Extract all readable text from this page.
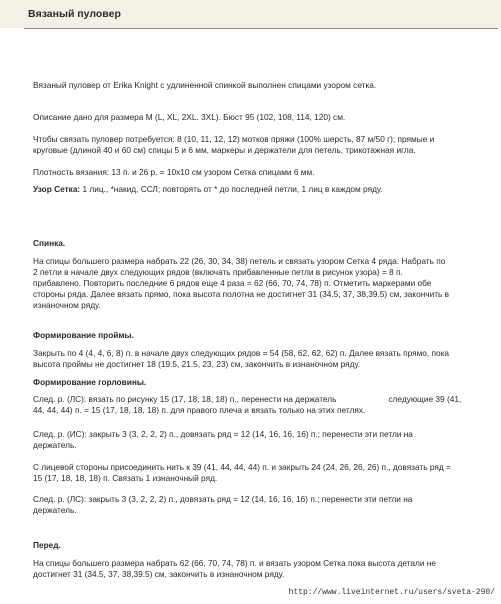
Вязаный пуловер

Вязаный пуловер от Erika Knight с удлиненной спинкой выполнен спицами узором сетка.

Описание дано для размера M (L, XL, 2XL. 3XL). Бюст 95 (102, 108, 114, 120) см.

Чтобы связать пуловер потребуется: 8 (10, 11, 12, 12) мотков пряжи (100% шерсть, 87 м/50 г); прямые и
круговые (длиной 40 и 60 см) спицы 5 и 6 мм, маркеры и держатели для петель, трикотажная игла.

Плотность вязания: 13 п. и 26 р. = 10х10 см узором Сетка спицами 6 мм.

Узор Сетка: 1 лиц., *накид, ССЛ; повторять от * до последней петли, 1 лиц в каждом ряду.

Спинка.

На спицы большего размера набрать 22 (26, 30, 34, 38) петель и связать узором Сетка 4 ряда. Набрать по
2 петли в начале двух следующих рядов (включать прибавленные петли в рисунок узора) = 8 п.
прибавлено. Повторить последние 6 рядов еще 4 раза = 62 (66, 70, 74, 78) п. Отметить маркерами обе
стороны ряда. Далее вязать прямо, пока высота полотна не достигнет 31 (34.5, 37, 38,39.5) см, закончить в
изнаночном ряду.

Формирование проймы.

Закрыть по 4 (4, 4, 6, 8) п. в начале двух следующих рядов = 54 (58, 62, 62, 62) п. Далее вязать прямо, пока
высота проймы не достигнет 18 (19.5, 21.5, 23, 23) см, закончить в изнаночном ряду.

Формирование горловины.

След. р. (ЛС): вязать по рисунку 15 (17, 18, 18, 18) п., перенести на держатель	следующие 39 (41,
44, 44, 44) п. = 15 (17, 18, 18, 18) п. для правого плеча и вязать только на этих петлях.

След. р. (ИС): закрыть 3 (3, 2, 2, 2) п., довязать ряд = 12 (14, 16, 16, 16) п.; перенести эти петли на
держатель.

С лицевой стороны присоединить нить к 39 (41, 44, 44, 44) п. и закрыть 24 (24, 26, 26, 26) п., довязать ряд =
15 (17, 18, 18, 18) п. Связать 1 изнаночный ряд.

След. р. (ЛС): закрыть 3 (3, 2, 2, 2) п., довязать ряд = 12 (14, 16, 16, 16) п.; перенести эти петли на
держатель.

Перед.

На спицы большего размера набрать 62 (66, 70, 74, 78) п. и вязать узором Сетка пока высота детали не
достигнет 31 (34.5, 37, 38,39.5) см, закончить в изнаночном ряду.

http://www.liveinternet.ru/users/sveta-290/
